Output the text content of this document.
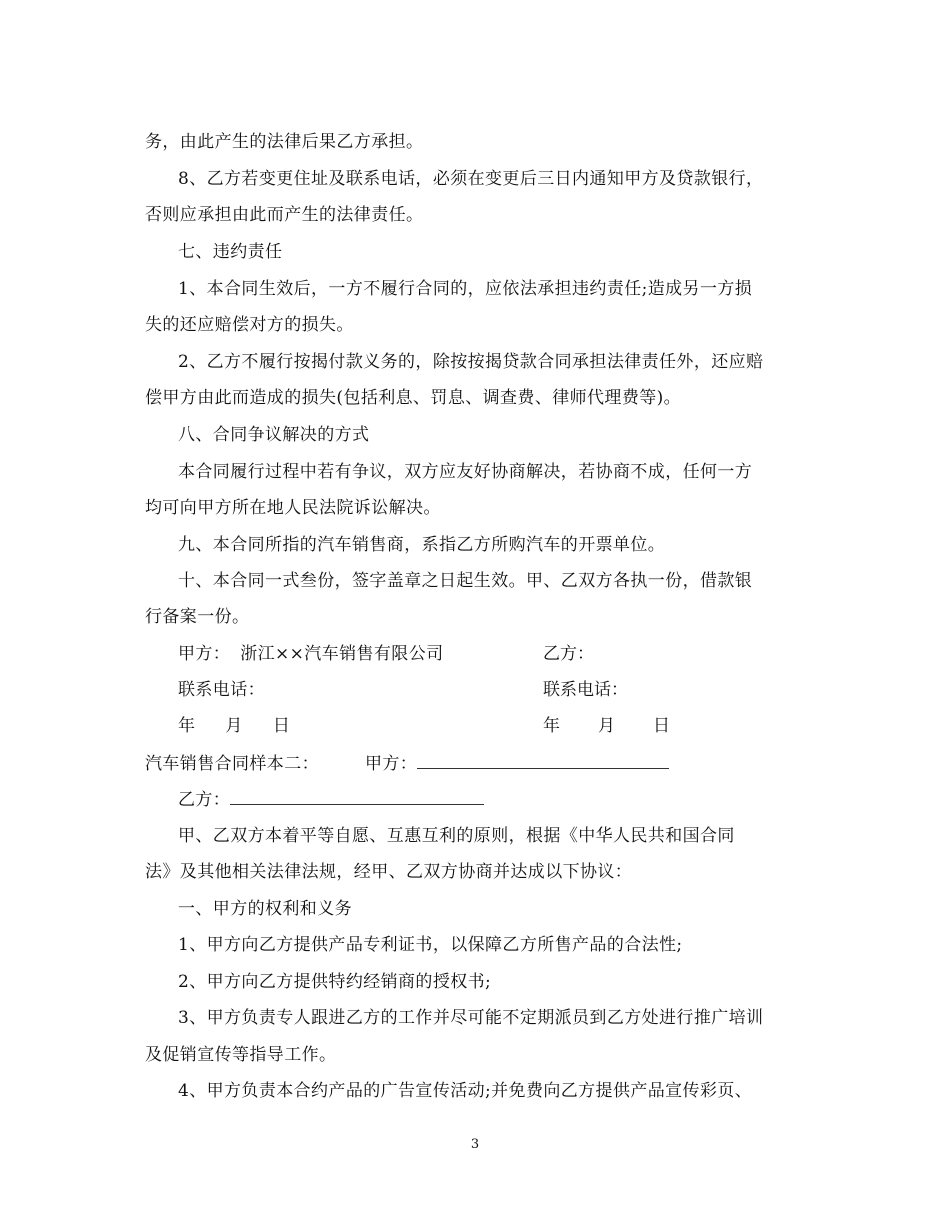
务，由此产生的法律后果乙方承担。
8、乙方若变更住址及联系电话，必须在变更后三日内通知甲方及贷款银行，
否则应承担由此而产生的法律责任。
七、违约责任
1、本合同生效后，一方不履行合同的，应依法承担违约责任;造成另一方损
失的还应赔偿对方的损失。
2、乙方不履行按揭付款义务的，除按按揭贷款合同承担法律责任外，还应赔
偿甲方由此而造成的损失(包括利息、罚息、调查费、律师代理费等)。
八、合同争议解决的方式
本合同履行过程中若有争议，双方应友好协商解决，若协商不成，任何一方
均可向甲方所在地人民法院诉讼解决。
九、本合同所指的汽车销售商，系指乙方所购汽车的开票单位。
十、本合同一式叁份，签字盖章之日起生效。甲、乙双方各执一份，借款银
行备案一份。
甲方： 浙江××汽车销售有限公司	乙方：
联系电话：	联系电话：
年 月 日	年 月 日
汽车销售合同样本二：	甲方：
乙方：
甲、乙双方本着平等自愿、互惠互利的原则，根据《中华人民共和国合同
法》及其他相关法律法规，经甲、乙双方协商并达成以下协议：
一、甲方的权利和义务
1、甲方向乙方提供产品专利证书，以保障乙方所售产品的合法性;
2、甲方向乙方提供特约经销商的授权书;
3、甲方负责专人跟进乙方的工作并尽可能不定期派员到乙方处进行推广培训
及促销宣传等指导工作。
4、甲方负责本合约产品的广告宣传活动;并免费向乙方提供产品宣传彩页、
3
